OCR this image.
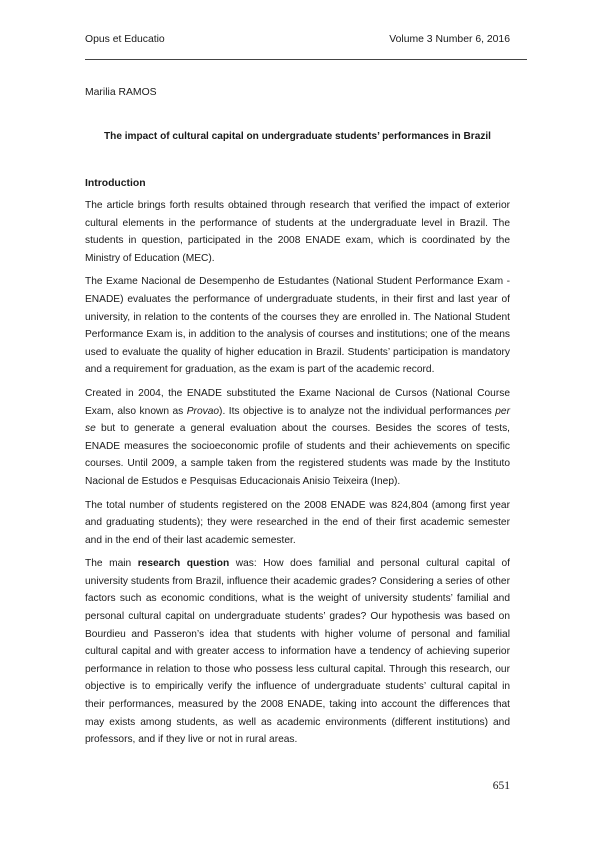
Opus et Educatio	Volume 3 Number 6, 2016
Marilia RAMOS
The impact of cultural capital on undergraduate students’ performances in Brazil
Introduction

The article brings forth results obtained through research that verified the impact of exterior cultural elements in the performance of students at the undergraduate level in Brazil. The students in question, participated in the 2008 ENADE exam, which is coordinated by the Ministry of Education (MEC).

The Exame Nacional de Desempenho de Estudantes (National Student Performance Exam - ENADE) evaluates the performance of undergraduate students, in their first and last year of university, in relation to the contents of the courses they are enrolled in. The National Student Performance Exam is, in addition to the analysis of courses and institutions; one of the means used to evaluate the quality of higher education in Brazil. Students’ participation is mandatory and a requirement for graduation, as the exam is part of the academic record.

Created in 2004, the ENADE substituted the Exame Nacional de Cursos (National Course Exam, also known as Provao). Its objective is to analyze not the individual performances per se but to generate a general evaluation about the courses. Besides the scores of tests, ENADE measures the socioeconomic profile of students and their achievements on specific courses. Until 2009, a sample taken from the registered students was made by the Instituto Nacional de Estudos e Pesquisas Educacionais Anisio Teixeira (Inep).

The total number of students registered on the 2008 ENADE was 824,804 (among first year and graduating students); they were researched in the end of their first academic semester and in the end of their last academic semester.

The main research question was: How does familial and personal cultural capital of university students from Brazil, influence their academic grades? Considering a series of other factors such as economic conditions, what is the weight of university students’ familial and personal cultural capital on undergraduate students’ grades? Our hypothesis was based on Bourdieu and Passeron’s idea that students with higher volume of personal and familial cultural capital and with greater access to information have a tendency of achieving superior performance in relation to those who possess less cultural capital. Through this research, our objective is to empirically verify the influence of undergraduate students’ cultural capital in their performances, measured by the 2008 ENADE, taking into account the differences that may exists among students, as well as academic environments (different institutions) and professors, and if they live or not in rural areas.

651
